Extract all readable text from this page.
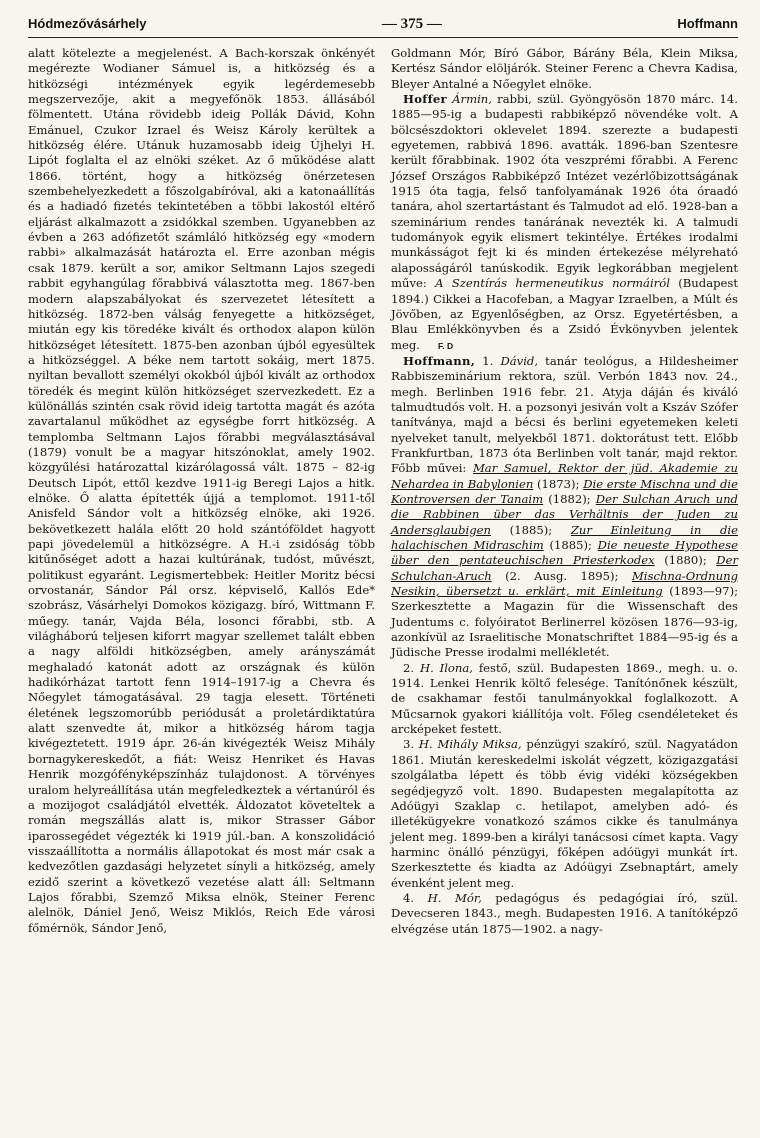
Hódmezővásárhely	— 375 —	Hoffmann

alatt kötelezte a megjelenést. A Bach-korszak önkényét megérezte Wodianer Sámuel is, a hitközség és a hitközségi intézmények egyik legérdemesebb megszervezője, akit a megyefőnök 1853. állásából fölmentett. Utána rövidebb ideig Pollák Dávid, Kohn Emánuel, Czukor Izrael és Weisz Károly kerültek a hitközség élére. Utánuk huzamosabb ideig Újhelyi H. Lipót foglalta el az elnöki széket. Az ő működése alatt 1866. történt, hogy a hitközség önérzetesen szembehelyezkedett a főszolgabíróval, aki a katonaállítás és a hadiadó fizetés tekintetében a többi lakostól eltérő eljárást alkalmazott a zsidókkal szemben. Ugyanebben az évben a 263 adófizetőt számláló hitközség egy «modern rabbi» alkalmazását határozta el. Erre azonban mégis csak 1879. került a sor, amikor Seltmann Lajos szegedi rabbit egyhangúlag főrabbivá választotta meg. 1867-ben modern alapszabályokat és szervezetet létesített a hitközség. 1872-ben válság fenyegette a hitközséget, miután egy kis töredéke kivált és orthodox alapon külön hitközséget létesített. 1875-ben azonban újból egyesültek a hitközséggel. A béke nem tartott sokáig, mert 1875. nyiltan bevallott személyi okokból újból kivált az orthodox töredék és megint külön hitközséget szervezkedett. Ez a különállás szintén csak rövid ideig tartotta magát és azóta zavartalanul működhet az egységbe forrt hitközség. A templomba Seltmann Lajos főrabbi megválasztásával (1879) vonult be a magyar hitszónoklat, amely 1902. közgyűlési határozattal kizárólagossá vált. 1875 – 82-ig Deutsch Lipót, ettől kezdve 1911-ig Beregi Lajos a hitk. elnöke. Ő alatta építették újjá a templomot. 1911-től Anisfeld Sándor volt a hitközség elnöke, aki 1926. bekövetkezett halála előtt 20 hold szántóföldet hagyott papi jövedelemül a hitközségre. A H.-i zsidóság több kitűnőséget adott a hazai kultúrának, tudóst, művészt, politikust egyaránt. Legismertebbek: Heitler Moritz bécsi orvostanár, Sándor Pál orsz. képviselő, Kallós Ede* szobrász, Vásárhelyi Domokos közigazg. bíró, Wittmann F. műegy. tanár, Vajda Béla, losonci főrabbi, stb. A világháború teljesen kiforrt magyar szellemet talált ebben a nagy alföldi hitközségben, amely arányszámát meghaladó katonát adott az országnak és külön hadikórházat tartott fenn 1914–1917-ig a Chevra és Nőegylet támogatásával. 29 tagja elesett. Történeti életének legszomorúbb periódusát a proletárdiktatúra alatt szenvedte át, mikor a hitközség három tagja kivégeztetett. 1919 ápr. 26-án kivégezték Weisz Mihály bornagykereskedőt, a fiát: Weisz Henriket és Havas Henrik mozgófényképszínház tulajdonost. A törvényes uralom helyreállítása után megfeledkeztek a vértanúról és a mozijogot családjától elvették. Áldozatot követeltek a román megszállás alatt is, mikor Strasser Gábor iparossegédet végezték ki 1919 júl.-ban. A konszolidáció visszaállította a normális állapotokat és most már csak a kedvezőtlen gazdasági helyzetet sínyli a hitközség, amely ezidő szerint a következő vezetése alatt áll: Seltmann Lajos főrabbi, Szemző Miksa elnök, Steiner Ferenc alelnök, Dániel Jenő, Weisz Miklós, Reich Ede városi főmérnök, Sándor Jenő,

Goldmann Mór, Bíró Gábor, Bárány Béla, Klein Miksa, Kertész Sándor elöljárók. Steiner Ferenc a Chevra Kadisa, Bleyer Antalné a Nőegylet elnöke.

Hoffer Ármin, rabbi, szül. Gyöngyösön 1870 márc. 14. 1885—95-ig a budapesti rabbiképző növendéke volt. A bölcsészdoktori oklevelet 1894. szerezte a budapesti egyetemen, rabbivá 1896. avatták. 1896-ban Szentesre került főrabbinak. 1902 óta veszprémi főrabbi. A Ferenc József Országos Rabbiképző Intézet vezérlőbizottságának 1915 óta tagja, felső tanfolyamának 1926 óta óraadó tanára, ahol szertartástant és Talmudot ad elő. 1928-ban a szeminárium rendes tanárának nevezték ki. A talmudi tudományok egyik elismert tekintélye. Értékes irodalmi munkásságot fejt ki és minden értekezése mélyreható alaposságáról tanúskodik. Egyik legkorábban megjelent műve: A Szentírás hermeneutikus normáiról (Budapest 1894.) Cikkei a Hacofeban, a Magyar Izraelben, a Múlt és Jövőben, az Egyenlőségben, az Orsz. Egyetértésben, a Blau Emlékkönyvben és a Zsidó Évkönyvben jelentek meg. F. D

Hoffmann, 1. Dávid, tanár teológus, a Hildesheimer Rabbiszeminárium rektora, szül. Verbón 1843 nov. 24., megh. Berlinben 1916 febr. 21. Atyja dáján és kiváló talmudtudós volt. H. a pozsonyi jesiván volt a Kszáv Szófer tanítványa, majd a bécsi és berlini egyetemeken keleti nyelveket tanult, melyekből 1871. doktorátust tett. Előbb Frankfurtban, 1873 óta Berlinben volt tanár, majd rektor. Főbb művei: Mar Samuel, Rektor der jüd. Akademie zu Nehardea in Babylonien (1873); Die erste Mischna und die Kontroversen der Tanaim (1882); Der Sulchan Aruch und die Rabbinen über das Verhältnis der Juden zu Andersglaubigen (1885); Zur Einleitung in die halachischen Midraschim (1885); Die neueste Hypothese über den pentateuchischen Priesterkodex (1880); Der Schulchan-Aruch (2. Ausg. 1895); Mischna-Ordnung Nesikin, übersetzt u. erklärt, mit Einleitung (1893—97); Szerkesztette a Magazin für die Wissenschaft des Judentums c. folyóiratot Berlinerrel közösen 1876—93-ig, azonkívül az Israelitische Monatschriftet 1884—95-ig és a Jüdische Presse irodalmi mellékletét.

2. H. Ilona, festő, szül. Budapesten 1869., megh. u. o. 1914. Lenkei Henrik költő felesége. Tanítónőnek készült, de csakhamar festői tanulmányokkal foglalkozott. A Műcsarnok gyakori kiállítója volt. Főleg csendéleteket és arcképeket festett.

3. H. Mihály Miksa, pénzügyi szakíró, szül. Nagyatádon 1861. Miután kereskedelmi iskolát végzett, közigazgatási szolgálatba lépett és több évig vidéki községekben segédjegyző volt. 1890. Budapesten megalapította az Adóügyi Szaklap c. hetilapot, amelyben adó- és illetékügyekre vonatkozó számos cikke és tanulmánya jelent meg. 1899-ben a királyi tanácsosi címet kapta. Vagy harminc önálló pénzügyi, főképen adóügyi munkát írt. Szerkesztette és kiadta az Adóügyi Zsebnaptárt, amely évenként jelent meg.

4. H. Mór, pedagógus és pedagógiai író, szül. Devecseren 1843., megh. Budapesten 1916. A tanítóképző elvégzése után 1875—1902. a nagy-
